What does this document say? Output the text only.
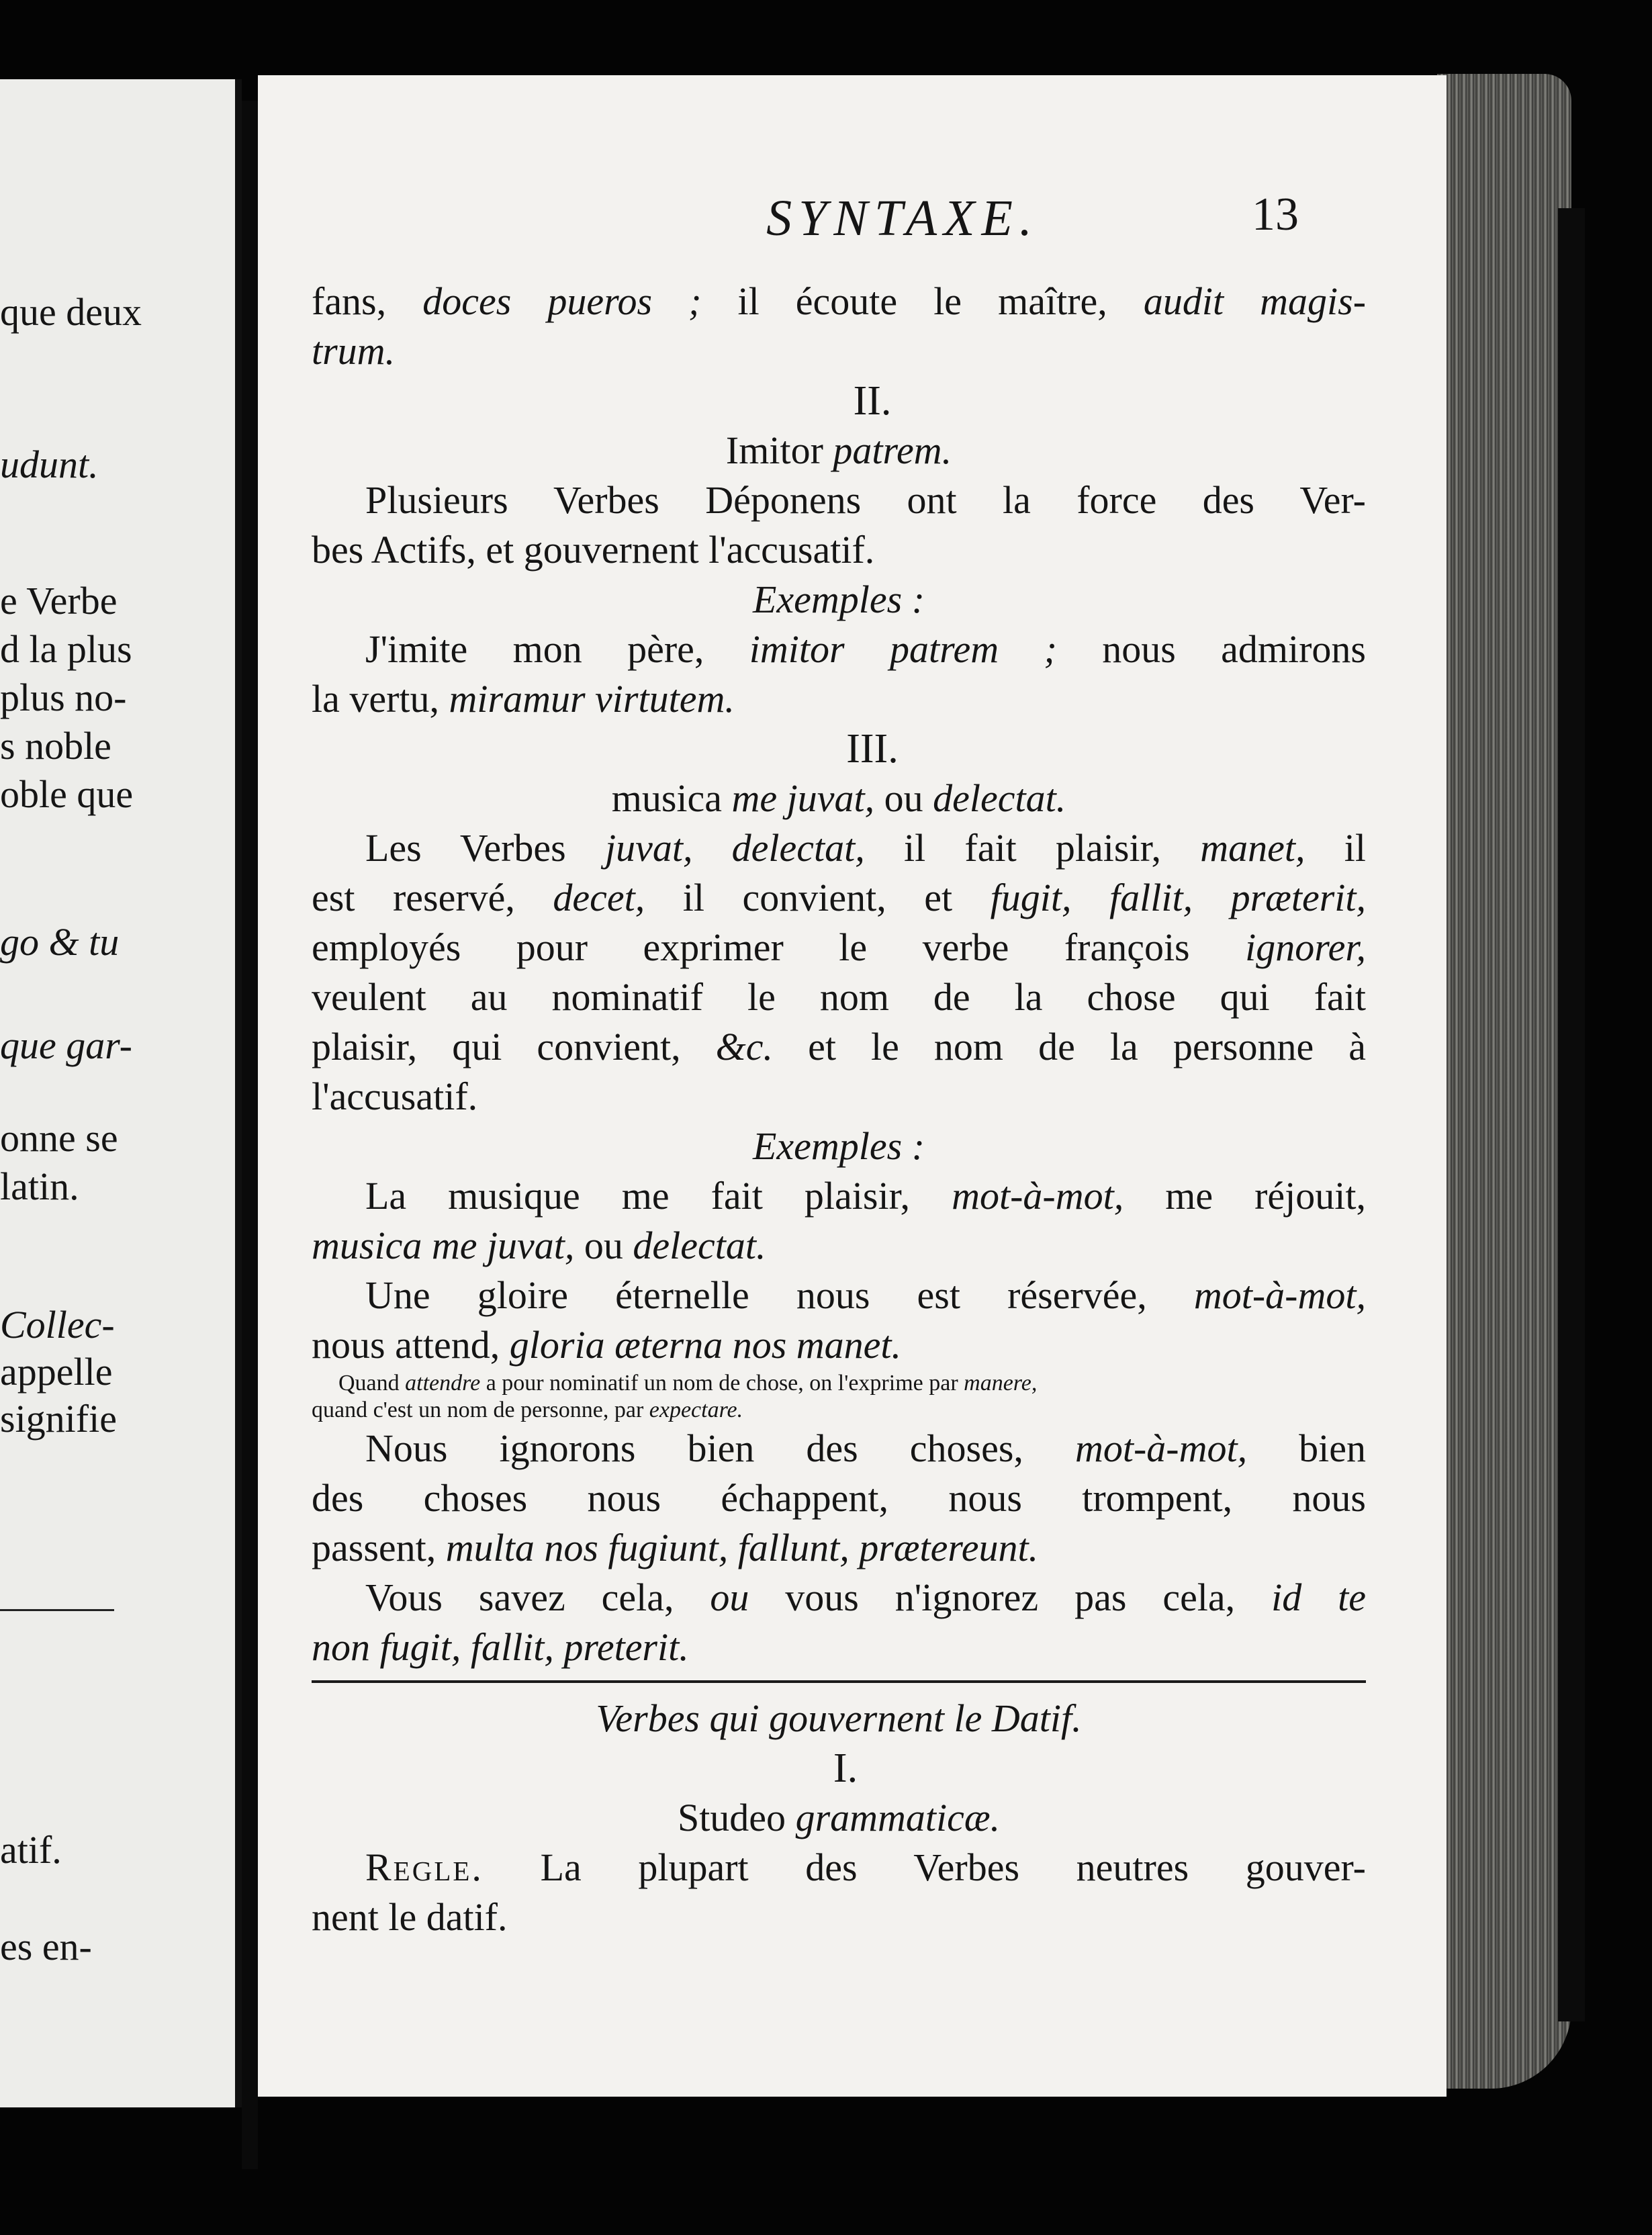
que deux
udunt.
e Verbe
d la plus
plus no-
s noble
oble que
go & tu
que gar-
onne se
latin.
Collec-
appelle
signifie
atif.
es en-
SYNTAXE.	13
fans, doces pueros ; il écoute le maître, audit magis-
trum.
II.
Imitor patrem.
Plusieurs Verbes Déponens ont la force des Ver-
bes Actifs, et gouvernent l'accusatif.
Exemples :
J'imite mon père, imitor patrem ; nous admirons
la vertu, miramur virtutem.
III.
musica me juvat, ou delectat.
Les Verbes juvat, delectat, il fait plaisir, manet, il
est reservé, decet, il convient, et fugit, fallit, præterit,
employés pour exprimer le verbe françois ignorer,
veulent au nominatif le nom de la chose qui fait
plaisir, qui convient, &c. et le nom de la personne à
l'accusatif.
Exemples :
La musique me fait plaisir, mot-à-mot, me réjouit,
musica me juvat, ou delectat.
Une gloire éternelle nous est réservée, mot-à-mot,
nous attend, gloria æterna nos manet.
Quand attendre a pour nominatif un nom de chose, on l'exprime par manere,
quand c'est un nom de personne, par expectare.
Nous ignorons bien des choses, mot-à-mot, bien
des choses nous échappent, nous trompent, nous
passent, multa nos fugiunt, fallunt, prætereunt.
Vous savez cela, ou vous n'ignorez pas cela, id te
non fugit, fallit, preterit.
Verbes qui gouvernent le Datif.
I.
Studeo grammaticæ.
Regle. La plupart des Verbes neutres gouver-
nent le datif.
